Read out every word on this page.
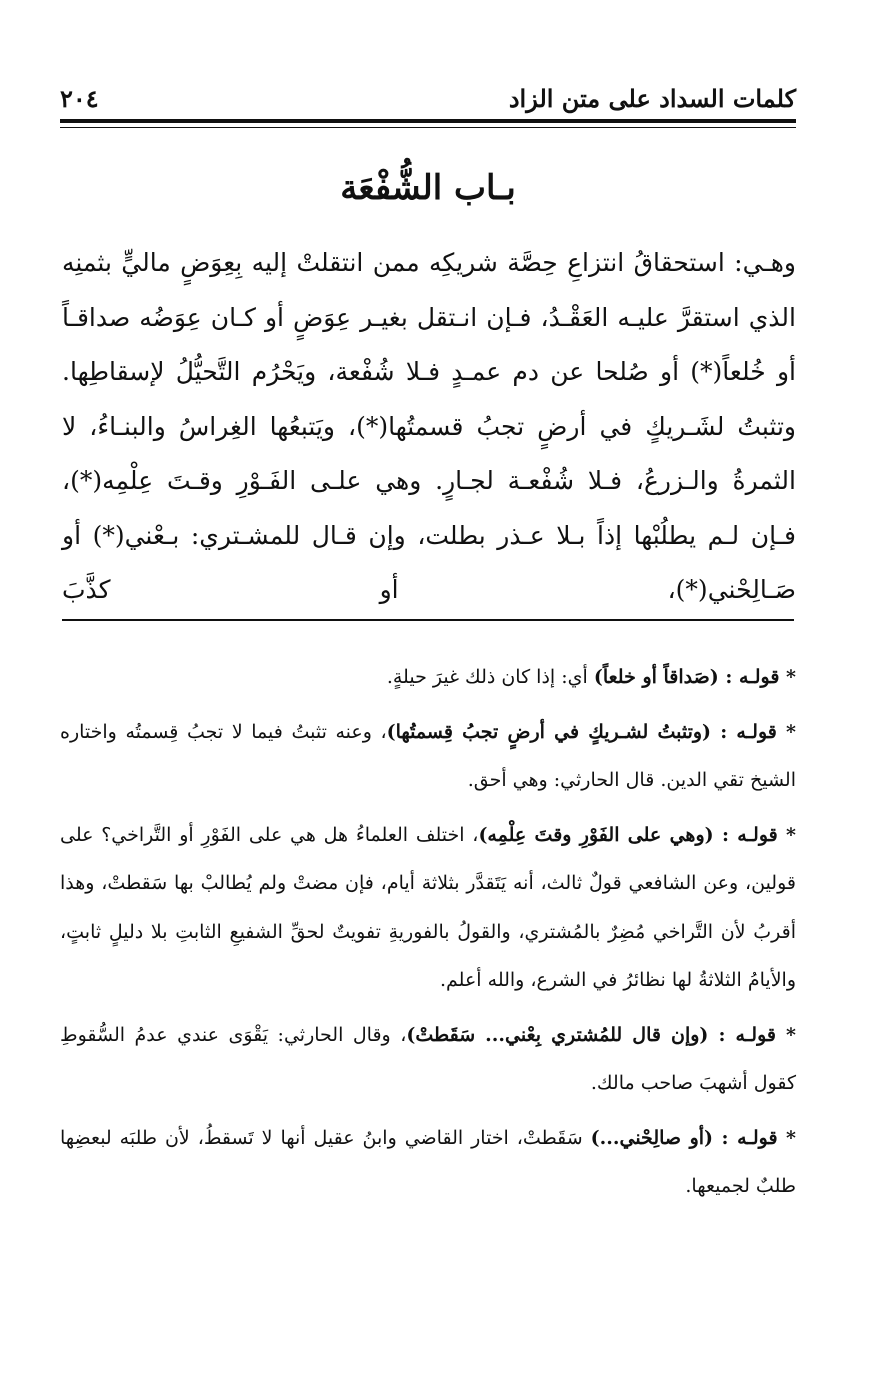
٢٠٤	كلمات السداد على متن الزاد
بـاب الشُّفْعَة

وهـي: استحقاقُ انتزاعِ حِصَّة شريكِه ممن انتقلتْ إليه بِعِوَضٍ ماليٍّ بثمنِه الذي استقرَّ عليـه العَقْـدُ، فـإن انـتقل بغيـر عِوَضٍ أو كـان عِوَضُه صداقـاً أو خُلعاً(*) أو صُلحا عن دم عمـدٍ فـلا شُفْعة، ويَحْرُم التَّحيُّلُ لإسقاطِها. وتثبتُ لشَـريكٍ في أرضٍ تجبُ قسمتُها(*)، ويَتبعُها الغِراسُ والبنـاءُ، لا الثمرةُ والـزرعُ، فـلا شُفْعـة لجـارٍ. وهي علـى الفَـوْرِ وقـتَ عِلْمِه(*)، فـإن لـم يطلُبْها إذاً بـلا عـذر بطلت، وإن قـال للمشـتري: بـعْني(*) أو صَـالِحْني(*)، أو كذَّبَ

* قولـه : (صَداقاً أو خلعاً) أي: إذا كان ذلك غيرَ حيلةٍ.

* قولـه : (وتثبتُ لشـريكٍ في أرضٍ تجبُ قِسمتُها)، وعنه تثبتُ فيما لا تجبُ قِسمتُه واختاره الشيخ تقي الدين. قال الحارثي: وهي أحق.

* قولـه : (وهي على الفَوْرِ وقتَ عِلْمِه)، اختلف العلماءُ هل هي على الفَوْرِ أو التَّراخي؟ على قولين، وعن الشافعي قولٌ ثالث، أنه يَتَقدَّر بثلاثة أيام، فإن مضتْ ولم يُطالبْ بها سَقطتْ، وهذا أقربُ لأن التَّراخي مُضِرٌ بالمُشتري، والقولُ بالفوريةِ تفويتٌ لحقِّ الشفيعِ الثابتِ بلا دليلٍ ثابتٍ، والأيامُ الثلاثةُ لها نظائرُ في الشرع، والله أعلم.

* قولـه : (وإن قال للمُشتري بِعْني... سَقَطتْ)، وقال الحارثي: يَقْوَى عندي عدمُ السُّقوطِ كقول أشهبَ صاحب مالك.

* قولـه : (أو صالِحْني...) سَقَطتْ، اختار القاضي وابنُ عقيل أنها لا تَسقطُ، لأن طلبَه لبعضِها طلبٌ لجميعها.
